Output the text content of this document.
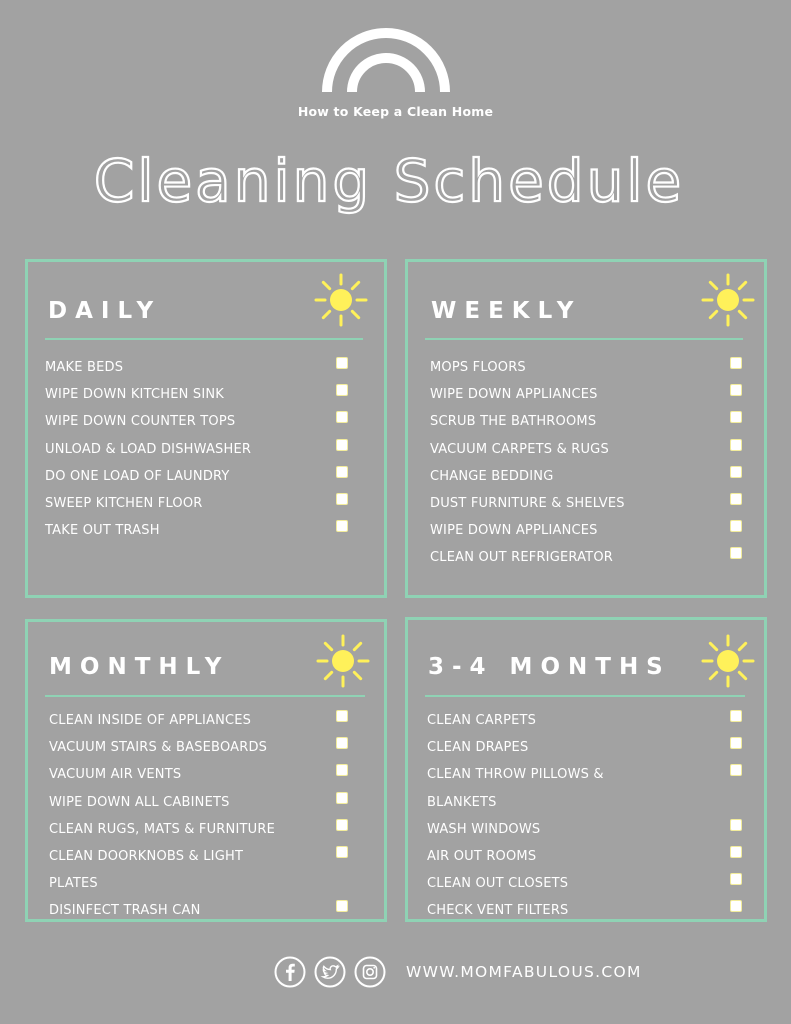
How to Keep a Clean Home
Cleaning Schedule
DAILY
MAKE BEDS
WIPE DOWN KITCHEN SINK
WIPE DOWN COUNTER TOPS
UNLOAD & LOAD DISHWASHER
DO ONE LOAD OF LAUNDRY
SWEEP KITCHEN FLOOR
TAKE OUT TRASH
WEEKLY
MOPS FLOORS
WIPE DOWN APPLIANCES
SCRUB THE BATHROOMS
VACUUM CARPETS & RUGS
CHANGE BEDDING
DUST FURNITURE & SHELVES
WIPE DOWN APPLIANCES
CLEAN OUT REFRIGERATOR
MONTHLY
CLEAN INSIDE OF APPLIANCES
VACUUM STAIRS & BASEBOARDS
VACUUM AIR VENTS
WIPE DOWN ALL CABINETS
CLEAN RUGS, MATS & FURNITURE
CLEAN DOORKNOBS & LIGHT
PLATES
DISINFECT TRASH CAN
3-4 MONTHS
CLEAN CARPETS
CLEAN DRAPES
CLEAN THROW PILLOWS &
BLANKETS
WASH WINDOWS
AIR OUT ROOMS
CLEAN OUT CLOSETS
CHECK VENT FILTERS
WWW.MOMFABULOUS.COM
